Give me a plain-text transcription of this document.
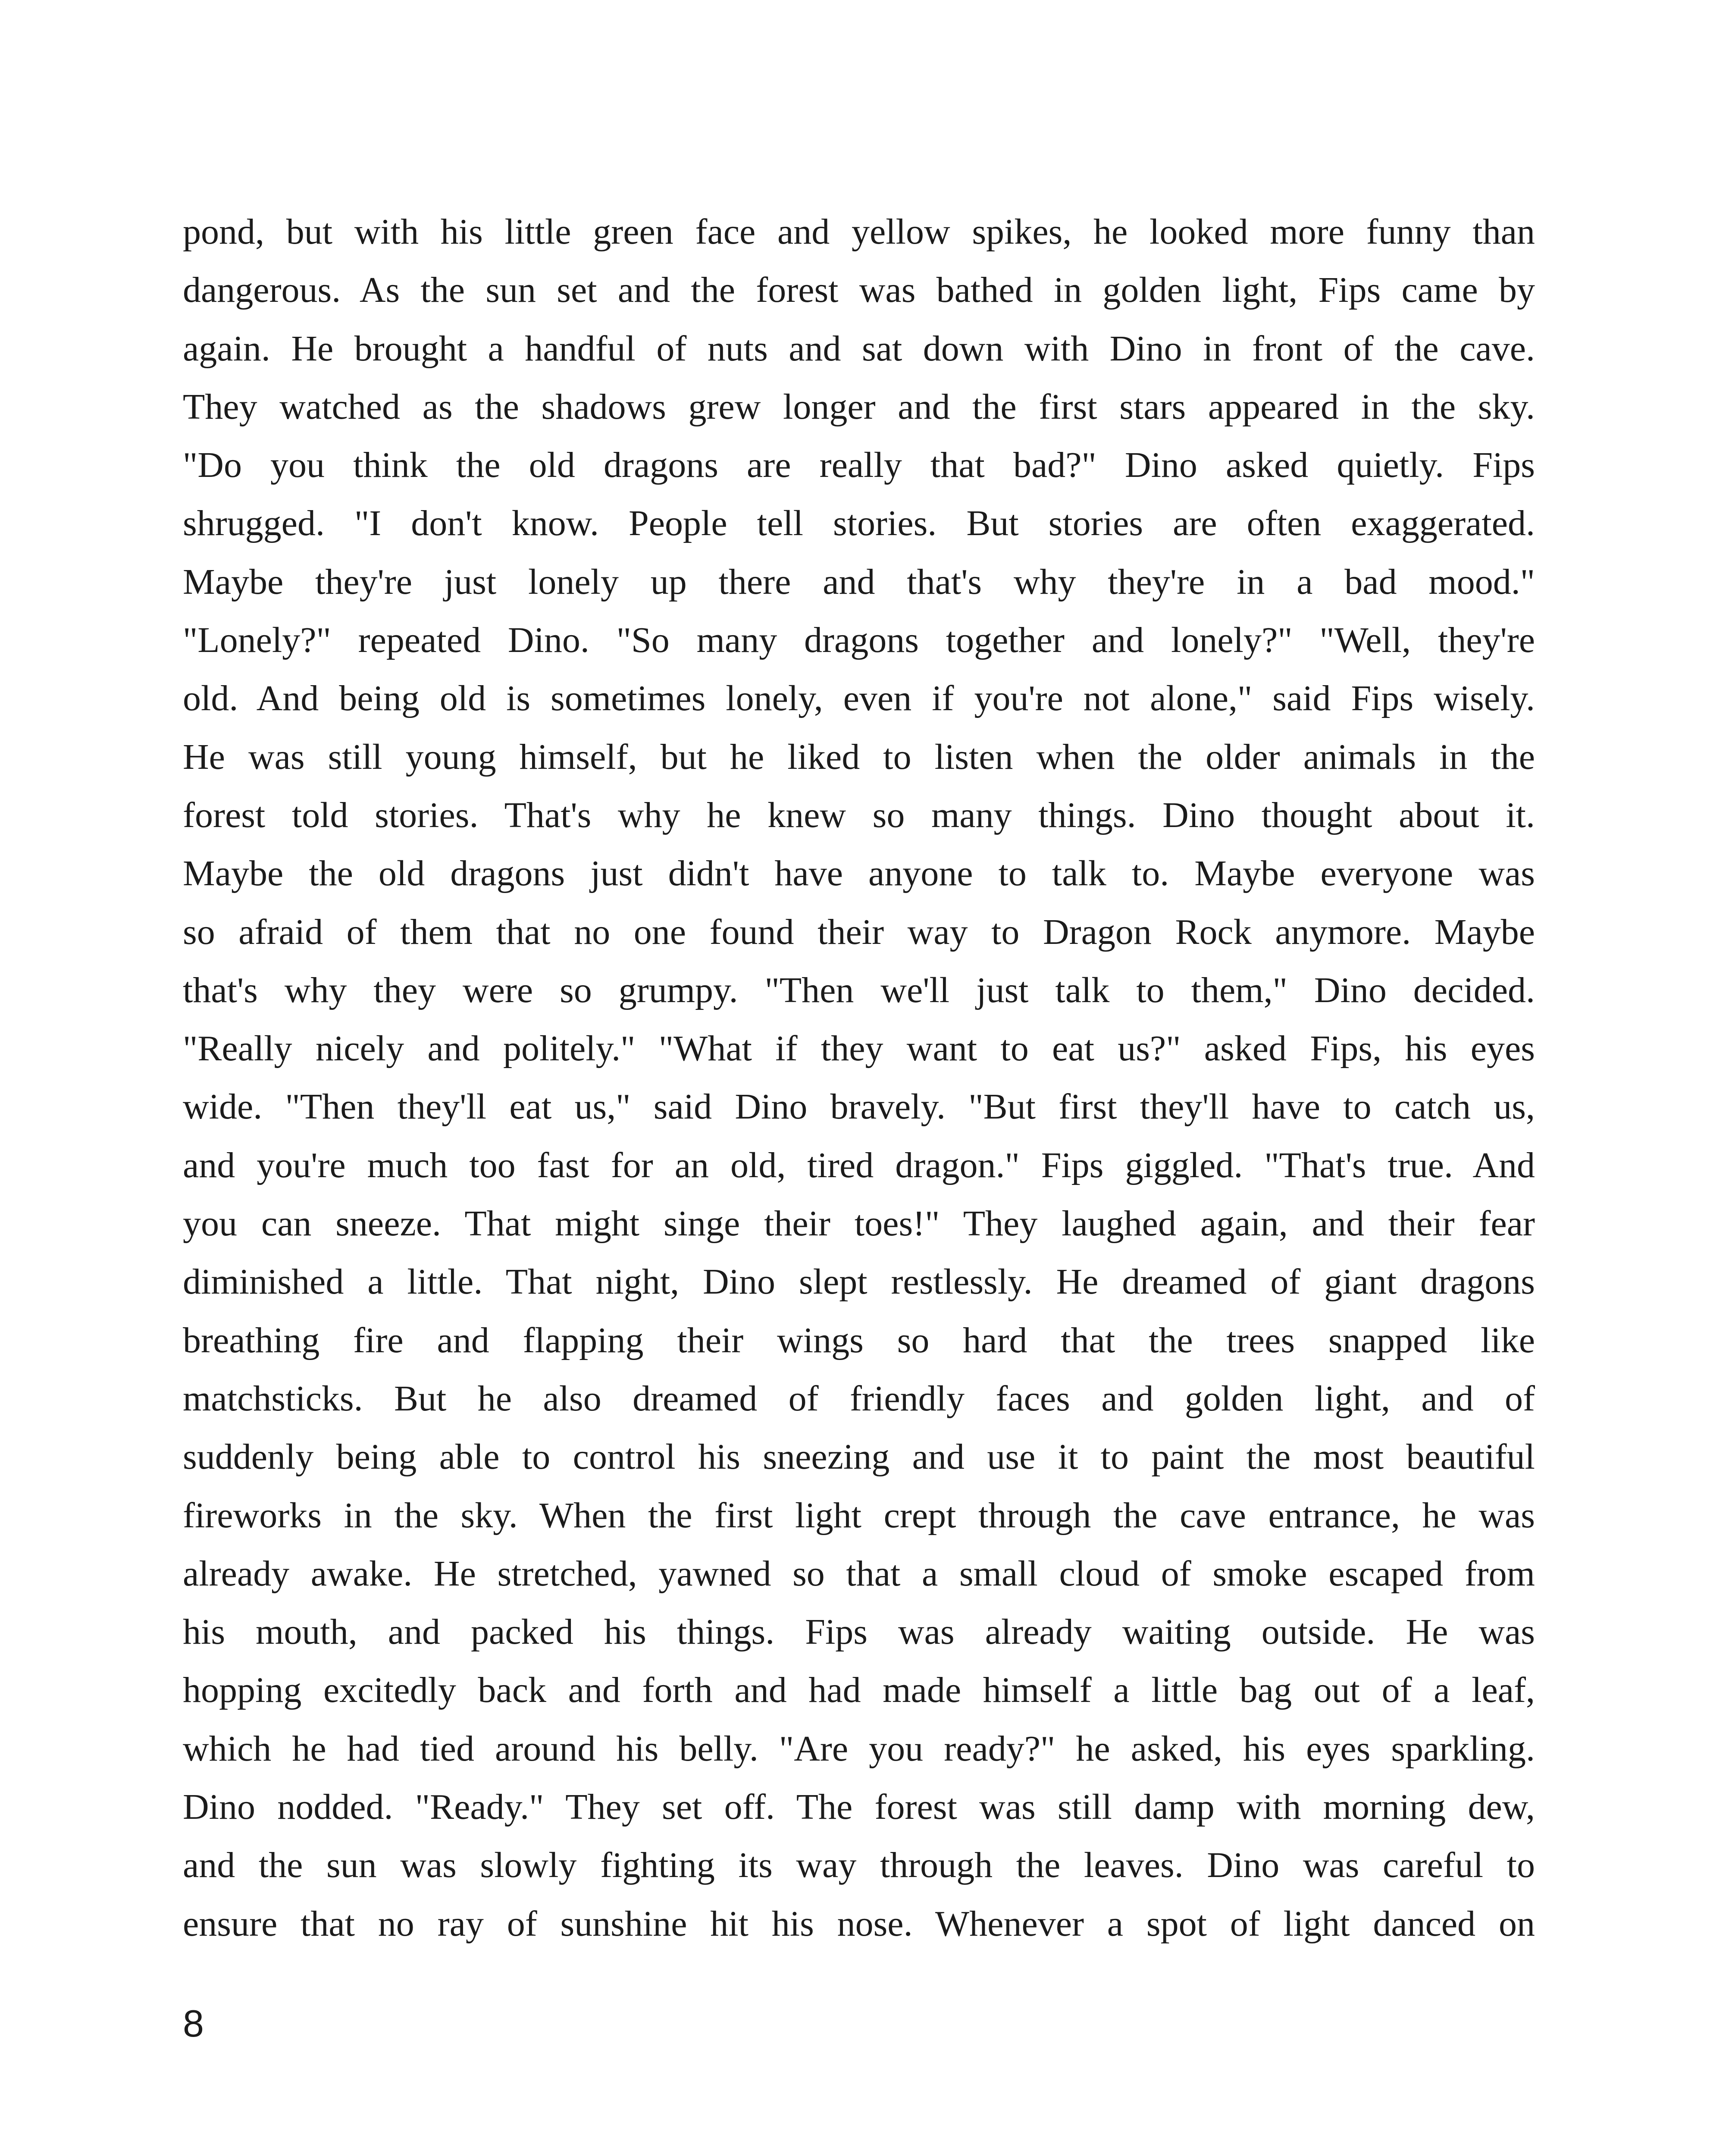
pond, but with his little green face and yellow spikes, he looked more funny than
dangerous. As the sun set and the forest was bathed in golden light, Fips came by
again. He brought a handful of nuts and sat down with Dino in front of the cave.
They watched as the shadows grew longer and the first stars appeared in the sky.
"Do you think the old dragons are really that bad?" Dino asked quietly. Fips
shrugged. "I don't know. People tell stories. But stories are often exaggerated.
Maybe they're just lonely up there and that's why they're in a bad mood."
"Lonely?" repeated Dino. "So many dragons together and lonely?" "Well, they're
old. And being old is sometimes lonely, even if you're not alone," said Fips wisely.
He was still young himself, but he liked to listen when the older animals in the
forest told stories. That's why he knew so many things. Dino thought about it.
Maybe the old dragons just didn't have anyone to talk to. Maybe everyone was
so afraid of them that no one found their way to Dragon Rock anymore. Maybe
that's why they were so grumpy. "Then we'll just talk to them," Dino decided.
"Really nicely and politely." "What if they want to eat us?" asked Fips, his eyes
wide. "Then they'll eat us," said Dino bravely. "But first they'll have to catch us,
and you're much too fast for an old, tired dragon." Fips giggled. "That's true. And
you can sneeze. That might singe their toes!" They laughed again, and their fear
diminished a little. That night, Dino slept restlessly. He dreamed of giant dragons
breathing fire and flapping their wings so hard that the trees snapped like
matchsticks. But he also dreamed of friendly faces and golden light, and of
suddenly being able to control his sneezing and use it to paint the most beautiful
fireworks in the sky. When the first light crept through the cave entrance, he was
already awake. He stretched, yawned so that a small cloud of smoke escaped from
his mouth, and packed his things. Fips was already waiting outside. He was
hopping excitedly back and forth and had made himself a little bag out of a leaf,
which he had tied around his belly. "Are you ready?" he asked, his eyes sparkling.
Dino nodded. "Ready." They set off. The forest was still damp with morning dew,
and the sun was slowly fighting its way through the leaves. Dino was careful to
ensure that no ray of sunshine hit his nose. Whenever a spot of light danced on
8
